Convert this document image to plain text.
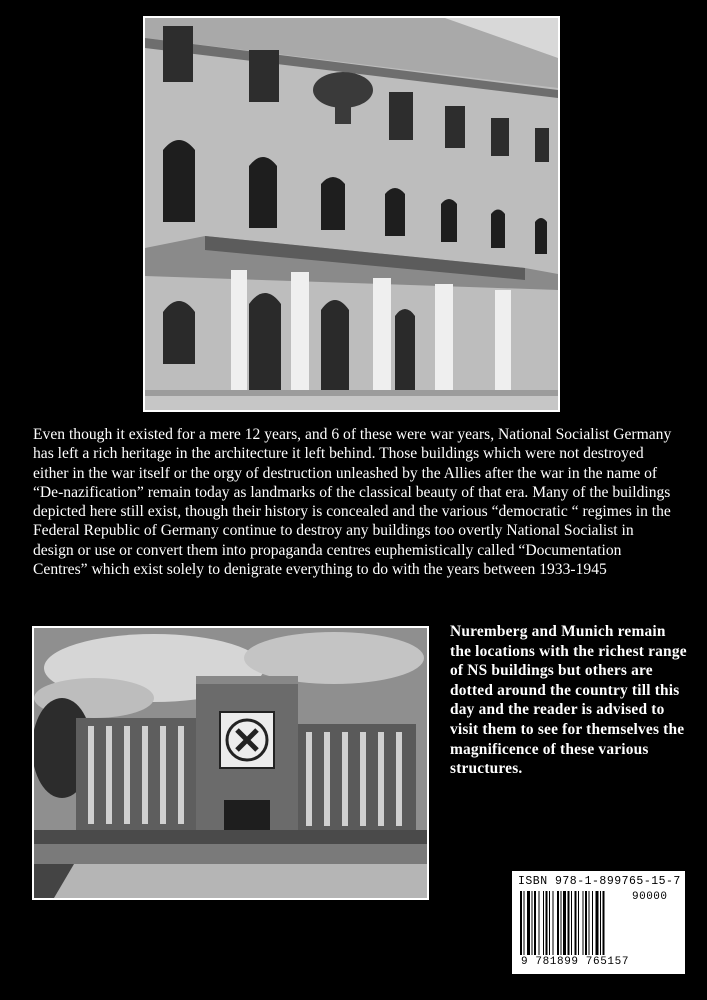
Even though it existed for a mere 12 years, and 6 of these were war years, National Socialist Germany has left a rich heritage in the architecture it left behind. Those buildings which were not destroyed either in the war itself or the orgy of destruction unleashed by the Allies after the war in the name of “De-nazification” remain today as landmarks of the classical beauty of that era. Many of the buildings depicted here still exist, though their history is concealed and the various “democratic “ regimes in the Federal Republic of Germany continue to destroy any buildings too overtly National Socialist in design or use or convert them into propaganda centres euphemistically called “Documentation Centres” which exist solely to denigrate everything to do with the years between 1933-1945

Nuremberg and Munich remain the locations with the richest range of NS buildings but others are dotted around the country till this day and the reader is advised to visit them to see for themselves the magnificence of these various structures.

ISBN 978-1-899765-15-7
90000
9 781899 765157
